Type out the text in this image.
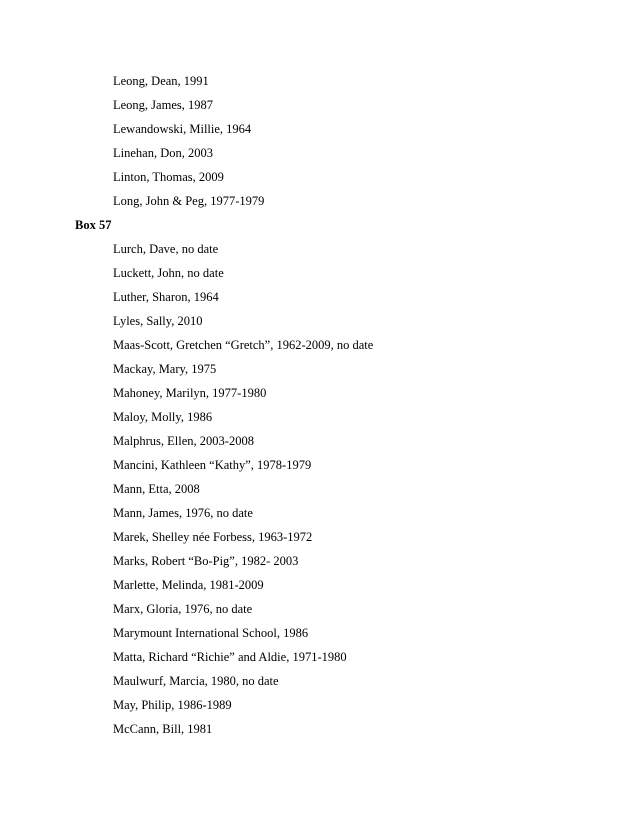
Leong, Dean, 1991
Leong, James, 1987
Lewandowski, Millie, 1964
Linehan, Don, 2003
Linton, Thomas, 2009
Long, John & Peg, 1977-1979
Box 57
Lurch, Dave, no date
Luckett, John, no date
Luther, Sharon, 1964
Lyles, Sally, 2010
Maas-Scott, Gretchen “Gretch”, 1962-2009, no date
Mackay, Mary, 1975
Mahoney, Marilyn, 1977-1980
Maloy, Molly, 1986
Malphrus, Ellen, 2003-2008
Mancini, Kathleen “Kathy”, 1978-1979
Mann, Etta, 2008
Mann, James, 1976, no date
Marek, Shelley née Forbess, 1963-1972
Marks, Robert “Bo-Pig”, 1982- 2003
Marlette, Melinda, 1981-2009
Marx, Gloria, 1976, no date
Marymount International School, 1986
Matta, Richard “Richie” and Aldie, 1971-1980
Maulwurf, Marcia, 1980, no date
May, Philip, 1986-1989
McCann, Bill, 1981
